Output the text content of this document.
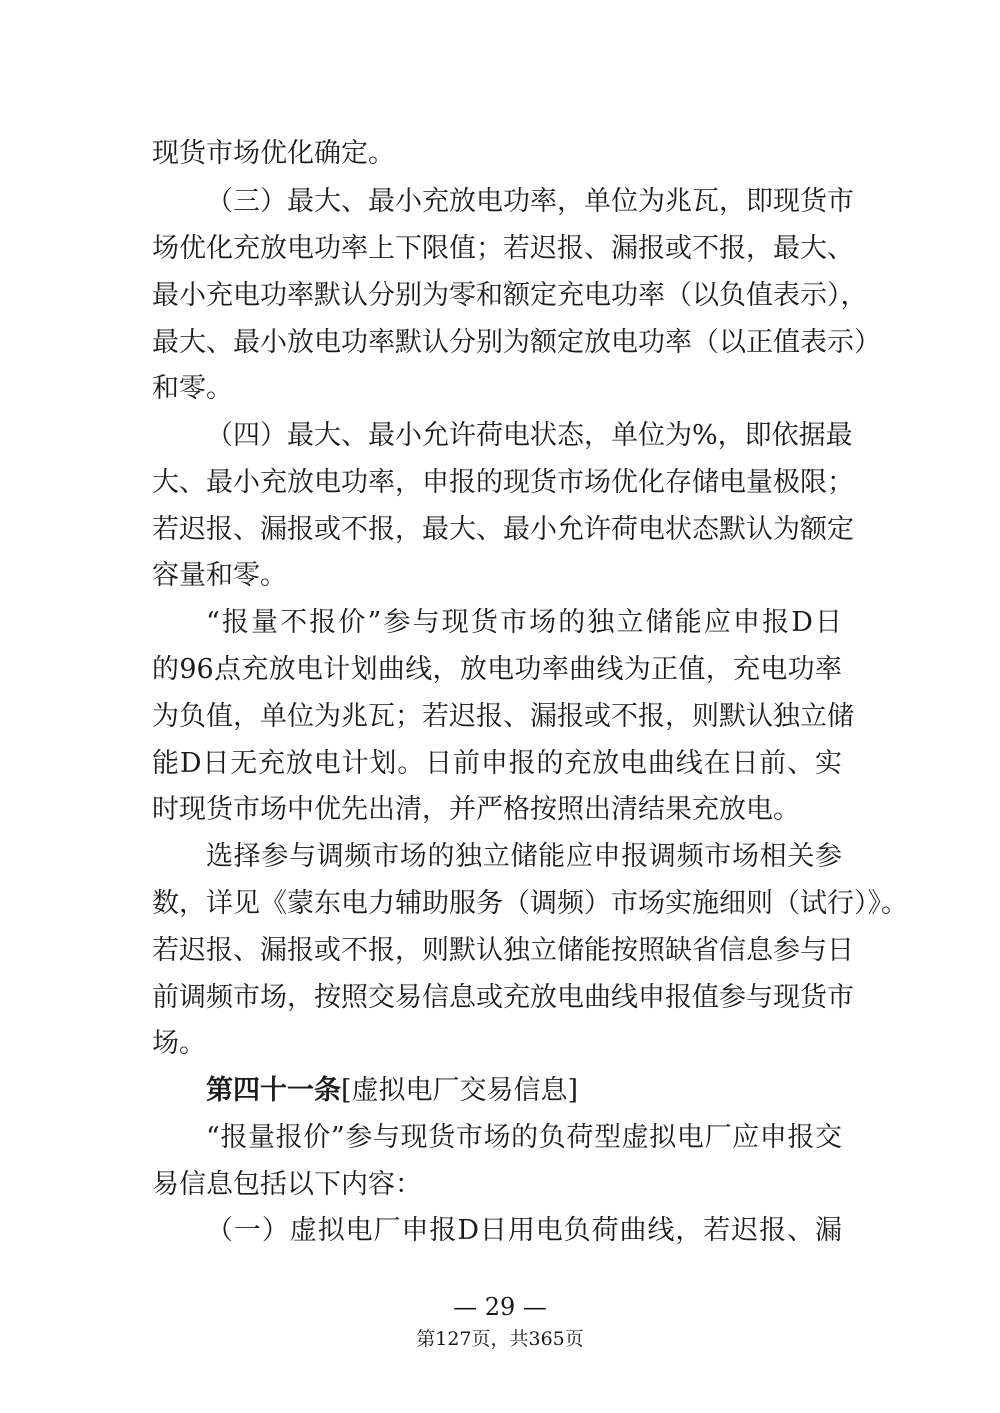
现货市场优化确定。
（三）最大、最小充放电功率，单位为兆瓦，即现货市
场优化充放电功率上下限值；若迟报、漏报或不报，最大、
最小充电功率默认分别为零和额定充电功率（以负值表示），
最大、最小放电功率默认分别为额定放电功率（以正值表示）
和零。
（四）最大、最小允许荷电状态，单位为%，即依据最
大、最小充放电功率，申报的现货市场优化存储电量极限；
若迟报、漏报或不报，最大、最小允许荷电状态默认为额定
容量和零。
“报量不报价”参与现货市场的独立储能应申报D日
的96点充放电计划曲线，放电功率曲线为正值，充电功率
为负值，单位为兆瓦；若迟报、漏报或不报，则默认独立储
能D日无充放电计划。日前申报的充放电曲线在日前、实
时现货市场中优先出清，并严格按照出清结果充放电。
选择参与调频市场的独立储能应申报调频市场相关参
数，详见《蒙东电力辅助服务（调频）市场实施细则（试行）》。
若迟报、漏报或不报，则默认独立储能按照缺省信息参与日
前调频市场，按照交易信息或充放电曲线申报值参与现货市
场。
第四十一条[虚拟电厂交易信息]
“报量报价”参与现货市场的负荷型虚拟电厂应申报交
易信息包括以下内容：
（一）虚拟电厂申报D日用电负荷曲线，若迟报、漏
— 29 —
第127页，共365页
